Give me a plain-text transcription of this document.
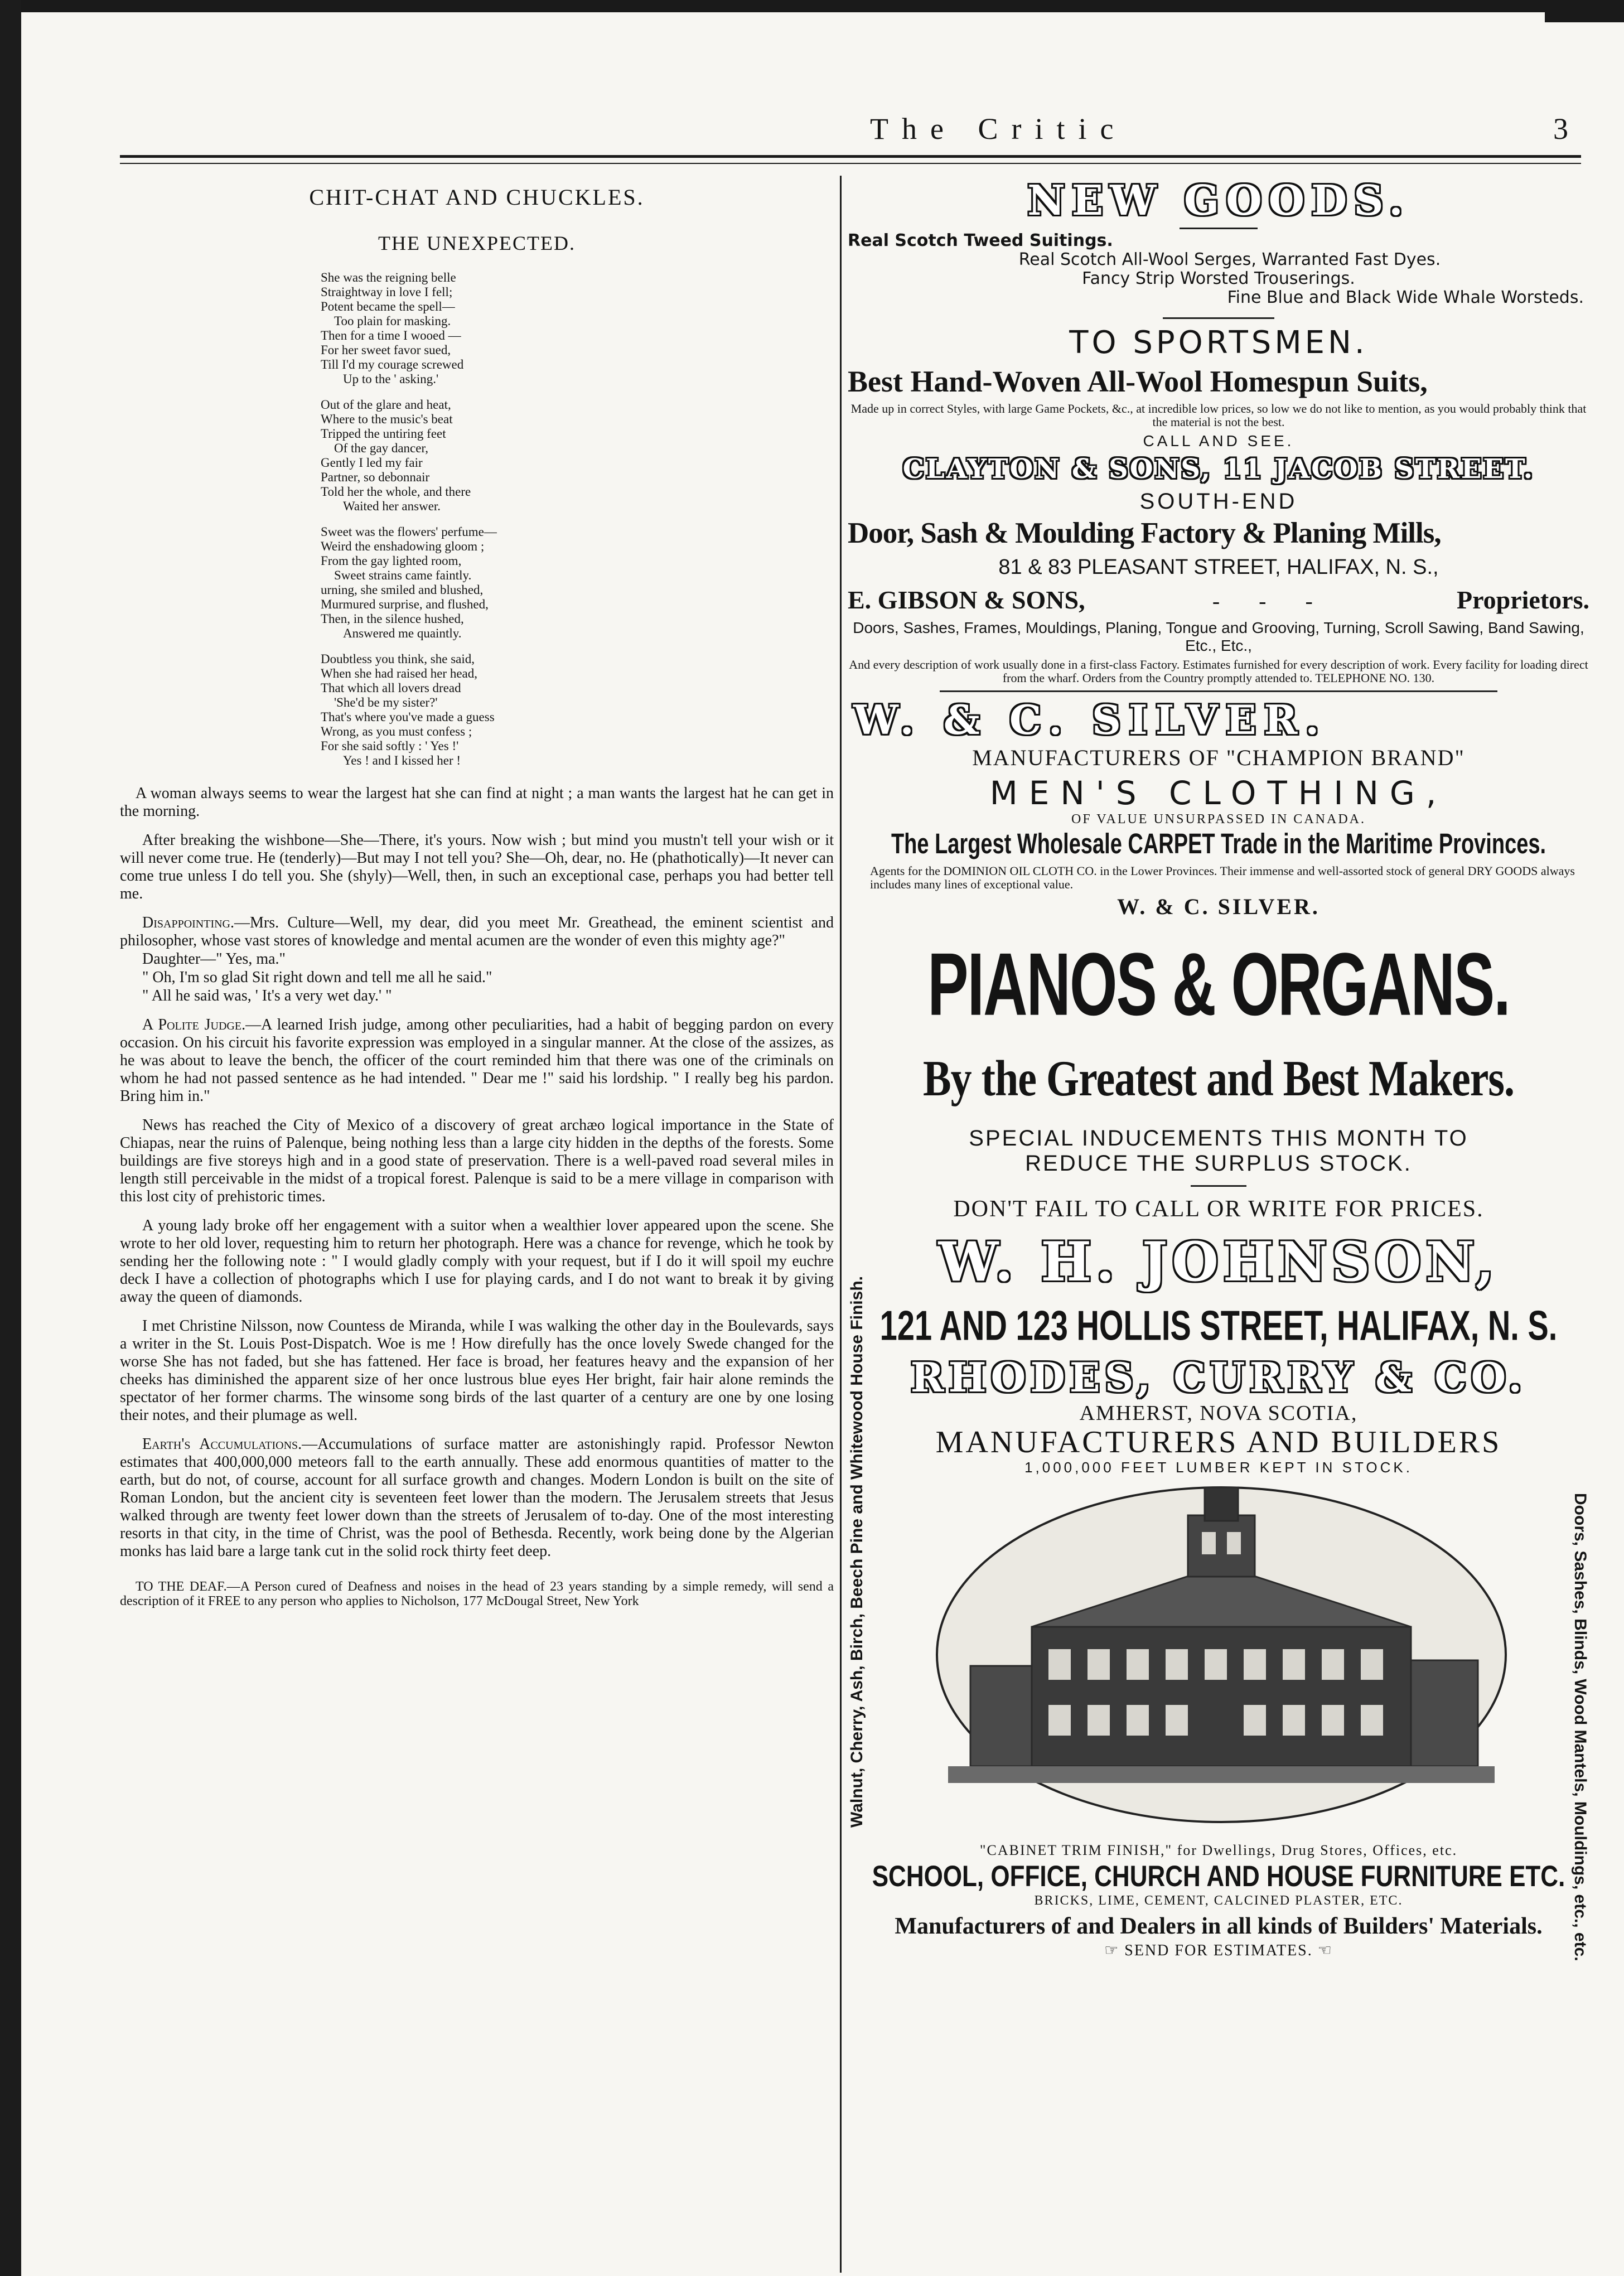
The Critic	3
CHIT-CHAT AND CHUCKLES.
THE UNEXPECTED.

She was the reigning belle

Straightway in love I fell;

Potent became the spell—

Too plain for masking.

Then for a time I wooed —

For her sweet favor sued,

Till I'd my courage screwed

Up to the ' asking.'

Out of the glare and heat,

Where to the music's beat

Tripped the untiring feet

Of the gay dancer,

Gently I led my fair

Partner, so debonnair

Told her the whole, and there

Waited her answer.

Sweet was the flowers' perfume—

Weird the enshadowing gloom ;

From the gay lighted room,

Sweet strains came faintly.

urning, she smiled and blushed,

Murmured surprise, and flushed,

Then, in the silence hushed,

Answered me quaintly.

Doubtless you think, she said,

When she had raised her head,

That which all lovers dread

'She'd be my sister?'

That's where you've made a guess

Wrong, as you must confess ;

For she said softly : ' Yes !'

Yes ! and I kissed her !

A woman always seems to wear the largest hat she can find at night ; a man wants the largest hat he can get in the morning.

After breaking the wishbone—She—There, it's yours. Now wish ; but mind you mustn't tell your wish or it will never come true. He (tenderly)—But may I not tell you? She—Oh, dear, no. He (phathotically)—It never can come true unless I do tell you. She (shyly)—Well, then, in such an exceptional case, perhaps you had better tell me.

Disappointing.—Mrs. Culture—Well, my dear, did you meet Mr. Greathead, the eminent scientist and philosopher, whose vast stores of knowledge and mental acumen are the wonder of even this mighty age?"

Daughter—" Yes, ma."

" Oh, I'm so glad Sit right down and tell me all he said."

" All he said was, ' It's a very wet day.' "

A Polite Judge.—A learned Irish judge, among other peculiarities, had a habit of begging pardon on every occasion. On his circuit his favorite expression was employed in a singular manner. At the close of the assizes, as he was about to leave the bench, the officer of the court reminded him that there was one of the criminals on whom he had not passed sentence as he had intended. " Dear me !" said his lordship. " I really beg his pardon. Bring him in."

News has reached the City of Mexico of a discovery of great archæo logical importance in the State of Chiapas, near the ruins of Palenque, being nothing less than a large city hidden in the depths of the forests. Some buildings are five storeys high and in a good state of preservation. There is a well-paved road several miles in length still perceivable in the midst of a tropical forest. Palenque is said to be a mere village in comparison with this lost city of prehistoric times.

A young lady broke off her engagement with a suitor when a wealthier lover appeared upon the scene. She wrote to her old lover, requesting him to return her photograph. Here was a chance for revenge, which he took by sending her the following note : " I would gladly comply with your request, but if I do it will spoil my euchre deck I have a collection of photographs which I use for playing cards, and I do not want to break it by giving away the queen of diamonds.

I met Christine Nilsson, now Countess de Miranda, while I was walking the other day in the Boulevards, says a writer in the St. Louis Post-Dispatch. Woe is me ! How direfully has the once lovely Swede changed for the worse She has not faded, but she has fattened. Her face is broad, her features heavy and the expansion of her cheeks has diminished the apparent size of her once lustrous blue eyes Her bright, fair hair alone reminds the spectator of her former charms. The winsome song birds of the last quarter of a century are one by one losing their notes, and their plumage as well.

Earth's Accumulations.—Accumulations of surface matter are astonishingly rapid. Professor Newton estimates that 400,000,000 meteors fall to the earth annually. These add enormous quantities of matter to the earth, but do not, of course, account for all surface growth and changes. Modern London is built on the site of Roman London, but the ancient city is seventeen feet lower than the modern. The Jerusalem streets that Jesus walked through are twenty feet lower down than the streets of Jerusalem of to-day. One of the most interesting resorts in that city, in the time of Christ, was the pool of Bethesda. Recently, work being done by the Algerian monks has laid bare a large tank cut in the solid rock thirty feet deep.

TO THE DEAF.—A Person cured of Deafness and noises in the head of 23 years standing by a simple remedy, will send a description of it FREE to any person who applies to Nicholson, 177 McDougal Street, New York

NEW GOODS.
Real Scotch Tweed Suitings.
Real Scotch All-Wool Serges, Warranted Fast Dyes.
Fancy Strip Worsted Trouserings.
Fine Blue and Black Wide Whale Worsteds.
TO SPORTSMEN.
Best Hand-Woven All-Wool Homespun Suits,
Made up in correct Styles, with large Game Pockets, &c., at incredible low prices, so low we do not like to mention, as you would probably think that the material is not the best.
CALL AND SEE.
CLAYTON & SONS, 11 JACOB STREET.
SOUTH-END
Door, Sash & Moulding Factory & Planing Mills,
81 & 83 PLEASANT STREET, HALIFAX, N. S.,
E. GIBSON & SONS,	- - -	Proprietors.
Doors, Sashes, Frames, Mouldings, Planing, Tongue and Grooving, Turning, Scroll Sawing, Band Sawing, Etc., Etc.,
And every description of work usually done in a first-class Factory. Estimates furnished for every description of work. Every facility for loading direct from the wharf. Orders from the Country promptly attended to. TELEPHONE NO. 130.
W. & C. SILVER.
MANUFACTURERS OF "CHAMPION BRAND"
MEN'S CLOTHING,
OF VALUE UNSURPASSED IN CANADA.
The Largest Wholesale CARPET Trade in the Maritime Provinces.
Agents for the DOMINION OIL CLOTH CO. in the Lower Provinces. Their immense and well-assorted stock of general DRY GOODS always includes many lines of exceptional value.
W. & C. SILVER.
PIANOS & ORGANS.
By the Greatest and Best Makers.
SPECIAL INDUCEMENTS THIS MONTH TO
REDUCE THE SURPLUS STOCK.
DON'T FAIL TO CALL OR WRITE FOR PRICES.
W. H. JOHNSON,
121 AND 123 HOLLIS STREET, HALIFAX, N. S.
RHODES, CURRY & CO.
AMHERST, NOVA SCOTIA,
MANUFACTURERS AND BUILDERS
1,000,000 FEET LUMBER KEPT IN STOCK.
Walnut, Cherry, Ash, Birch, Beech Pine and Whitewood House Finish.	Doors, Sashes, Blinds, Wood Mantels, Mouldings, etc., etc.
"CABINET TRIM FINISH," for Dwellings, Drug Stores, Offices, etc.
SCHOOL, OFFICE, CHURCH AND HOUSE FURNITURE ETC.
BRICKS, LIME, CEMENT, CALCINED PLASTER, ETC.
Manufacturers of and Dealers in all kinds of Builders' Materials.
☞ SEND FOR ESTIMATES. ☜
